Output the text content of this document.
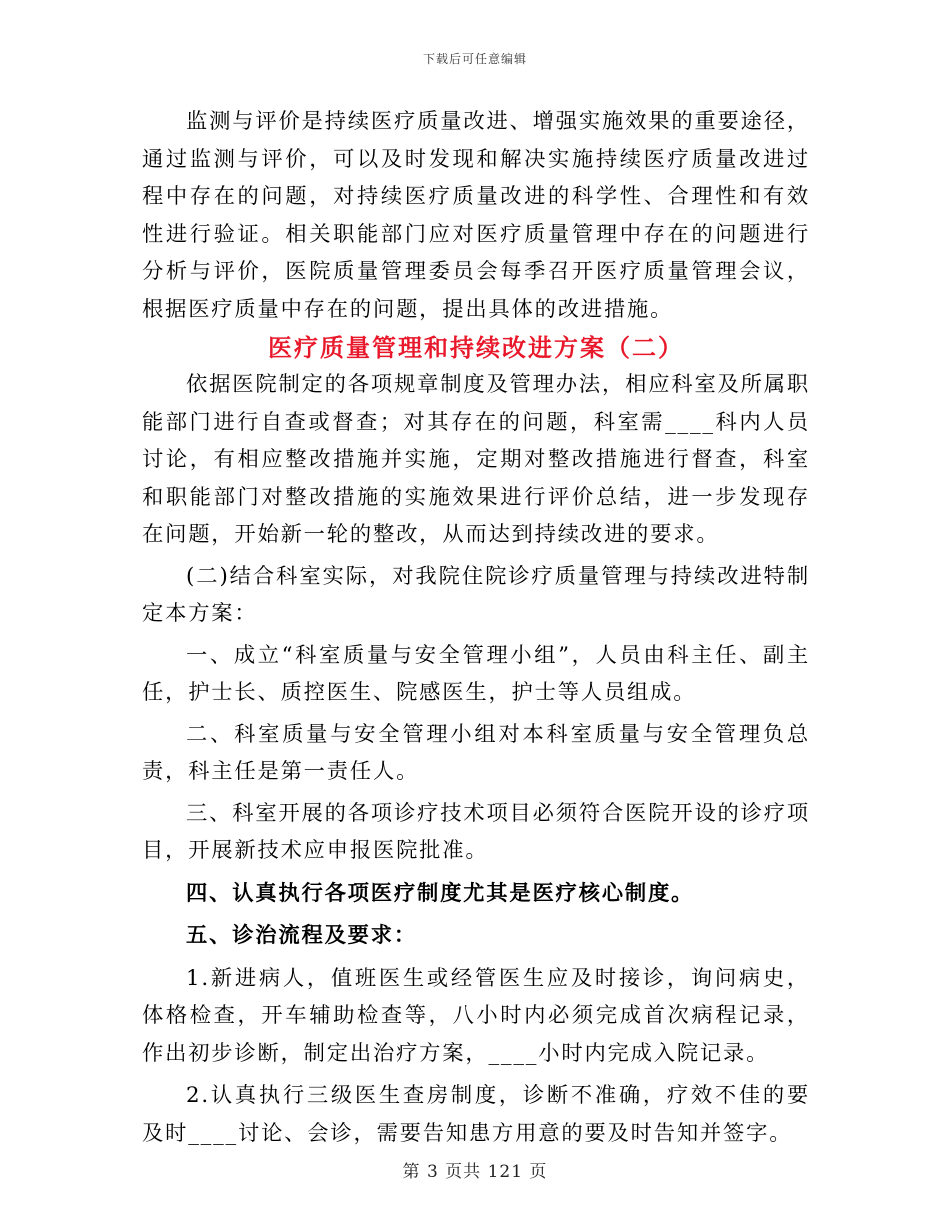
下载后可任意编辑

监测与评价是持续医疗质量改进、增强实施效果的重要途径，通过监测与评价，可以及时发现和解决实施持续医疗质量改进过程中存在的问题，对持续医疗质量改进的科学性、合理性和有效性进行验证。相关职能部门应对医疗质量管理中存在的问题进行分析与评价，医院质量管理委员会每季召开医疗质量管理会议，根据医疗质量中存在的问题，提出具体的改进措施。

医疗质量管理和持续改进方案（二）

依据医院制定的各项规章制度及管理办法，相应科室及所属职能部门进行自查或督查；对其存在的问题，科室需____科内人员讨论，有相应整改措施并实施，定期对整改措施进行督查，科室和职能部门对整改措施的实施效果进行评价总结，进一步发现存在问题，开始新一轮的整改，从而达到持续改进的要求。

(二)结合科室实际，对我院住院诊疗质量管理与持续改进特制定本方案：

一、成立“科室质量与安全管理小组”，人员由科主任、副主任，护士长、质控医生、院感医生，护士等人员组成。

二、科室质量与安全管理小组对本科室质量与安全管理负总责，科主任是第一责任人。

三、科室开展的各项诊疗技术项目必须符合医院开设的诊疗项目，开展新技术应申报医院批准。

四、认真执行各项医疗制度尤其是医疗核心制度。

五、诊治流程及要求：

1.新进病人，值班医生或经管医生应及时接诊，询问病史，体格检查，开车辅助检查等，八小时内必须完成首次病程记录，作出初步诊断，制定出治疗方案，____小时内完成入院记录。

2.认真执行三级医生查房制度，诊断不准确，疗效不佳的要及时____讨论、会诊，需要告知患方用意的要及时告知并签字。

第 3 页共 121 页
